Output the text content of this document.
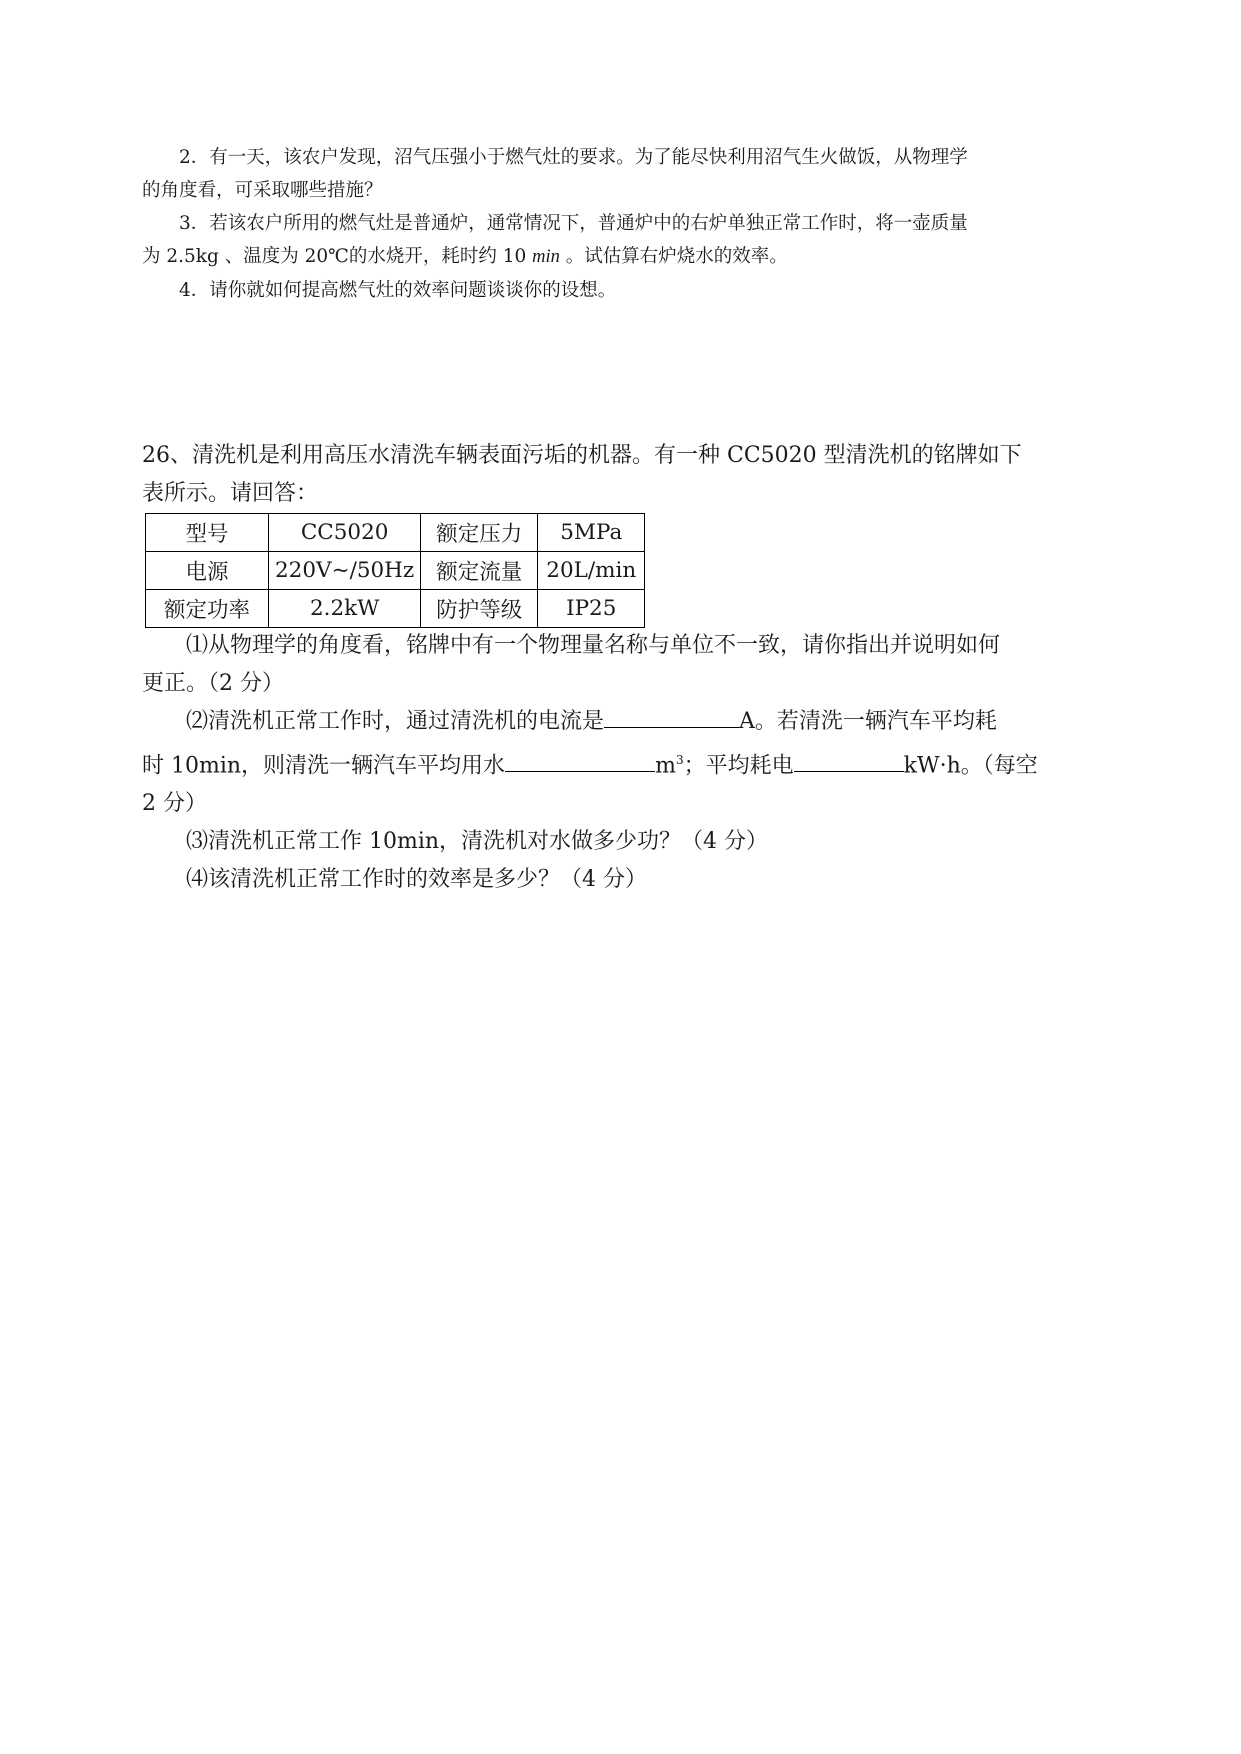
2．有一天，该农户发现，沼气压强小于燃气灶的要求。为了能尽快利用沼气生火做饭，从物理学

的角度看，可采取哪些措施？

3．若该农户所用的燃气灶是普通炉，通常情况下，普通炉中的右炉单独正常工作时，将一壶质量

为 2.5kg 、温度为 20℃的水烧开，耗时约 10 min 。试估算右炉烧水的效率。

4．请你就如何提高燃气灶的效率问题谈谈你的设想。

26、清洗机是利用高压水清洗车辆表面污垢的机器。有一种 CC5020 型清洗机的铭牌如下

表所示。请回答：

型号	CC5020	额定压力	5MPa
电源	220V~/50Hz	额定流量	20L/min
额定功率	2.2kW	防护等级	IP25

⑴从物理学的角度看，铭牌中有一个物理量名称与单位不一致，请你指出并说明如何

更正。（2 分）

⑵清洗机正常工作时，通过清洗机的电流是	A。若清洗一辆汽车平均耗

时 10min，则清洗一辆汽车平均用水	$m^3$；平均耗电	kW·h。（每空

2 分）

⑶清洗机正常工作 10min，清洗机对水做多少功？（4 分）

⑷该清洗机正常工作时的效率是多少？（4 分）
